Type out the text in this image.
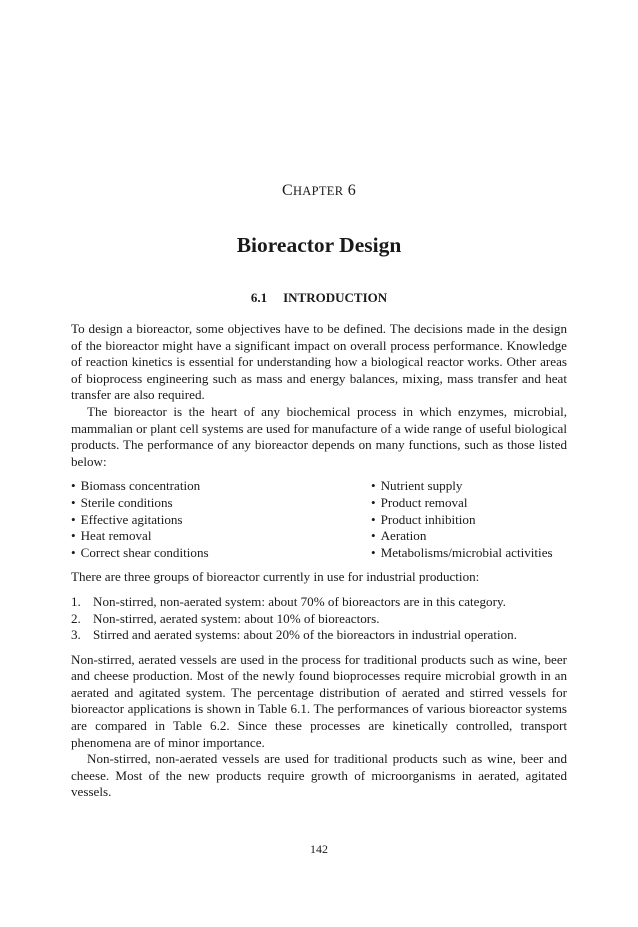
CHAPTER 6
Bioreactor Design
6.1 INTRODUCTION

To design a bioreactor, some objectives have to be defined. The decisions made in the design of the bioreactor might have a significant impact on overall process performance. Knowledge of reaction kinetics is essential for understanding how a biological reactor works. Other areas of bioprocess engineering such as mass and energy balances, mixing, mass transfer and heat transfer are also required.

The bioreactor is the heart of any biochemical process in which enzymes, microbial, mammalian or plant cell systems are used for manufacture of a wide range of useful biological products. The performance of any bioreactor depends on many functions, such as those listed below:

• Biomass concentration
• Sterile conditions
• Effective agitations
• Heat removal
• Correct shear conditions
• Nutrient supply
• Product removal
• Product inhibition
• Aeration
• Metabolisms/microbial activities

There are three groups of bioreactor currently in use for industrial production:

1. Non-stirred, non-aerated system: about 70% of bioreactors are in this category.
2. Non-stirred, aerated system: about 10% of bioreactors.
3. Stirred and aerated systems: about 20% of the bioreactors in industrial operation.

Non-stirred, aerated vessels are used in the process for traditional products such as wine, beer and cheese production. Most of the newly found bioprocesses require microbial growth in an aerated and agitated system. The percentage distribution of aerated and stirred vessels for bioreactor applications is shown in Table 6.1. The performances of various bioreactor systems are compared in Table 6.2. Since these processes are kinetically controlled, transport phenomena are of minor importance.

Non-stirred, non-aerated vessels are used for traditional products such as wine, beer and cheese. Most of the new products require growth of microorganisms in aerated, agitated vessels.

142
